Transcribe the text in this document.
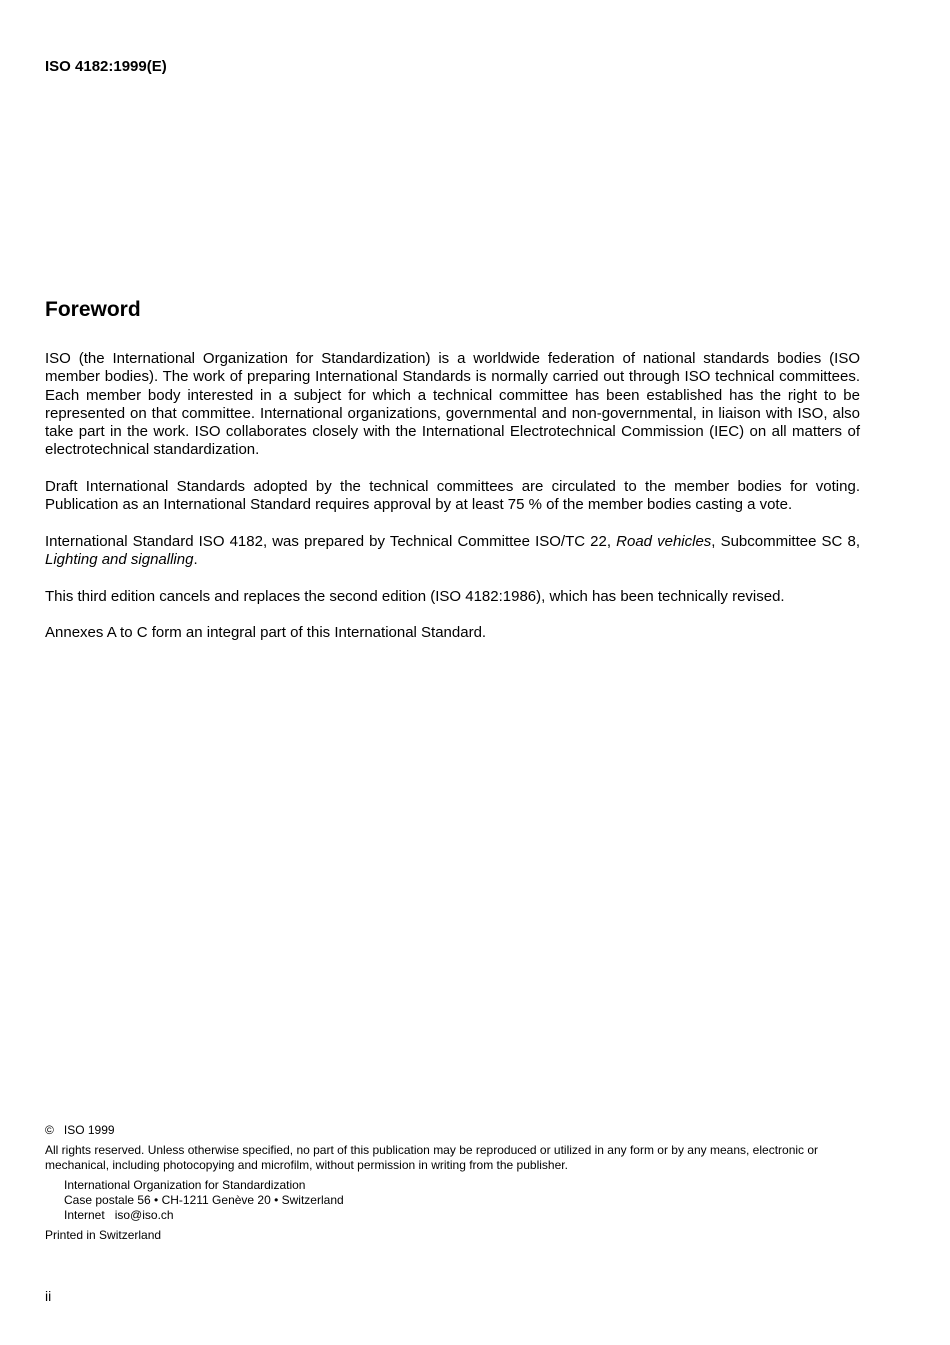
ISO 4182:1999(E)
Foreword

ISO (the International Organization for Standardization) is a worldwide federation of national standards bodies (ISO member bodies). The work of preparing International Standards is normally carried out through ISO technical committees. Each member body interested in a subject for which a technical committee has been established has the right to be represented on that committee. International organizations, governmental and non-governmental, in liaison with ISO, also take part in the work. ISO collaborates closely with the International Electrotechnical Commission (IEC) on all matters of electrotechnical standardization.

Draft International Standards adopted by the technical committees are circulated to the member bodies for voting. Publication as an International Standard requires approval by at least 75 % of the member bodies casting a vote.

International Standard ISO 4182, was prepared by Technical Committee ISO/TC 22, Road vehicles, Subcommittee SC 8, Lighting and signalling.

This third edition cancels and replaces the second edition (ISO 4182:1986), which has been technically revised.

Annexes A to C form an integral part of this International Standard.

© ISO 1999
All rights reserved. Unless otherwise specified, no part of this publication may be reproduced or utilized in any form or by any means, electronic or mechanical, including photocopying and microfilm, without permission in writing from the publisher.
International Organization for Standardization
Case postale 56 • CH-1211 Genève 20 • Switzerland
Internet iso@iso.ch
Printed in Switzerland
ii
